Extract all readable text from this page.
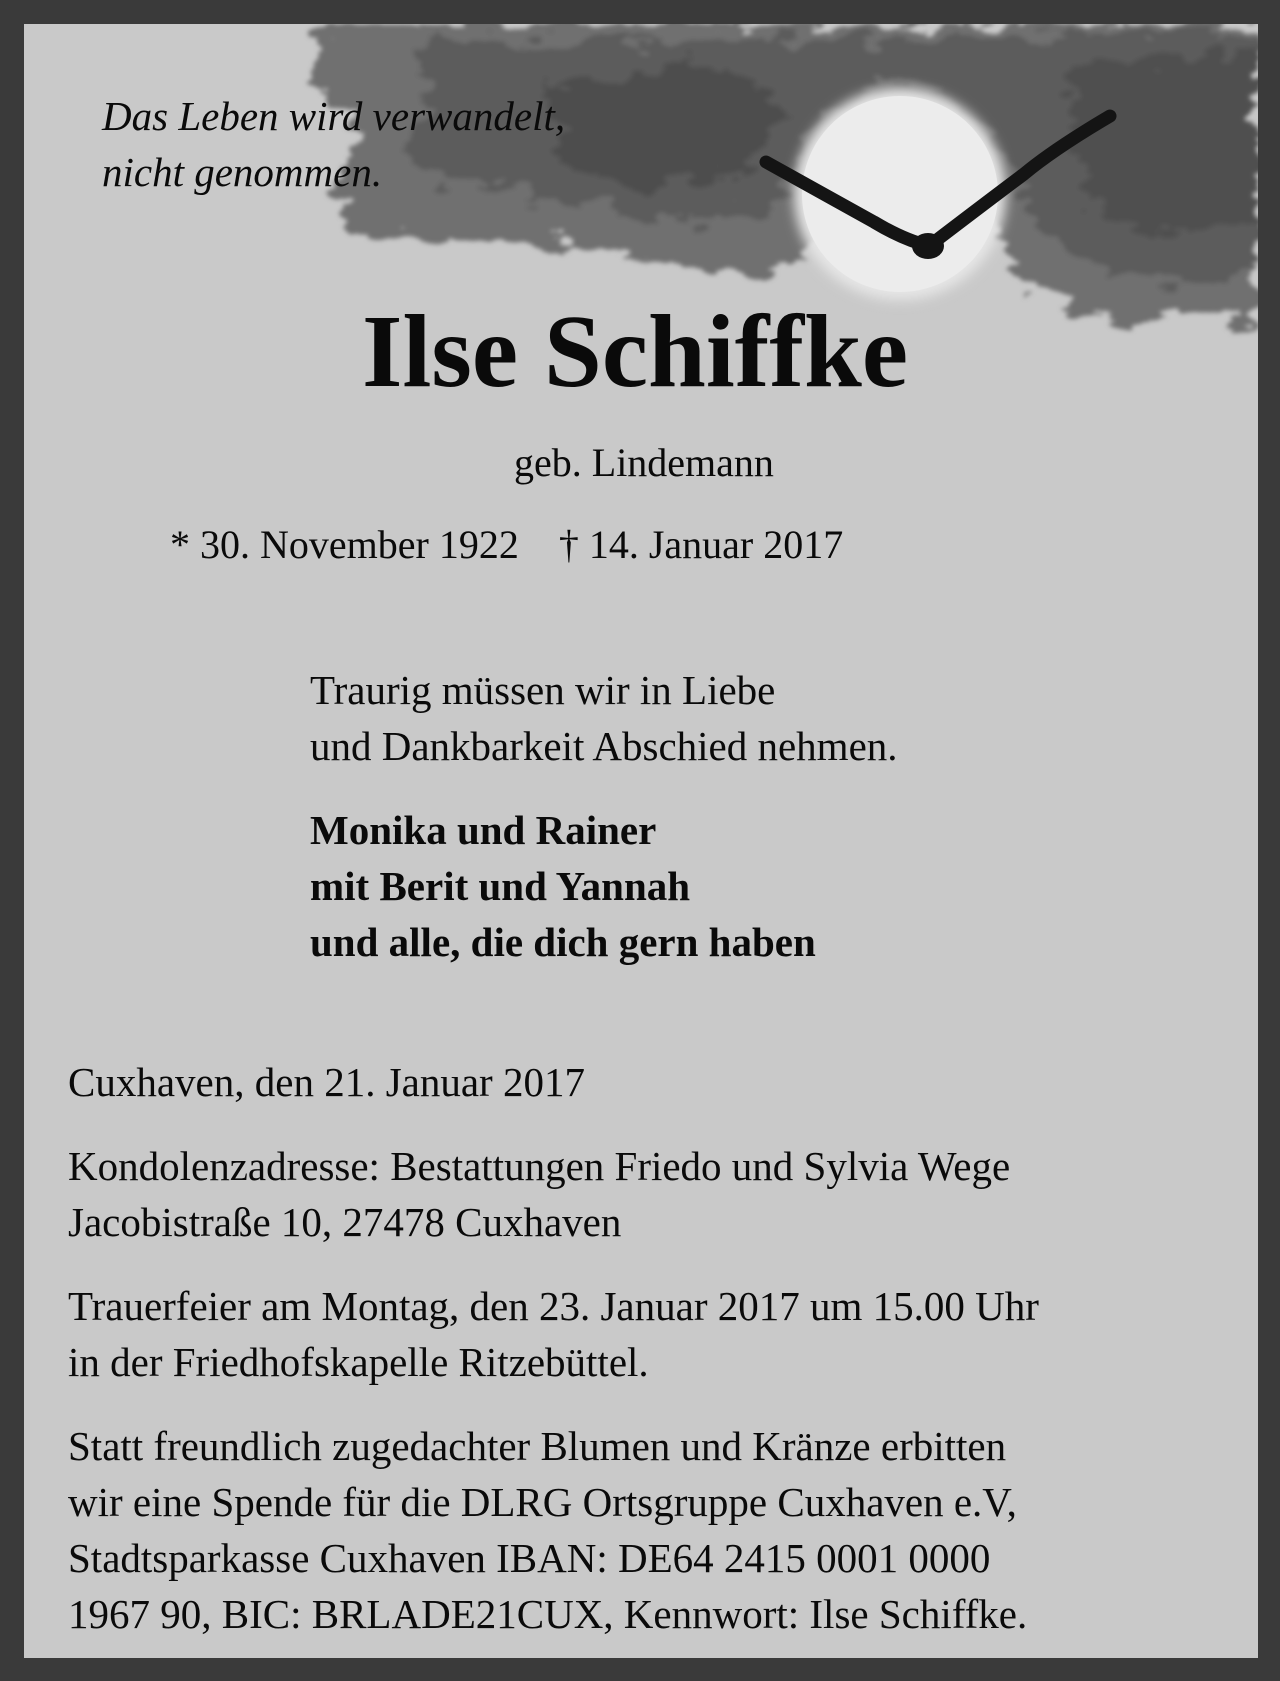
Das Leben wird verwandelt,
nicht genommen.

Ilse Schiffke
geb. Lindemann
* 30. November 1922 † 14. Januar 2017

Traurig müssen wir in Liebe
und Dankbarkeit Abschied nehmen.

Monika und Rainer
mit Berit und Yannah
und alle, die dich gern haben

Cuxhaven, den 21. Januar 2017

Kondolenzadresse: Bestattungen Friedo und Sylvia Wege
Jacobistraße 10, 27478 Cuxhaven

Trauerfeier am Montag, den 23. Januar 2017 um 15.00 Uhr
in der Friedhofskapelle Ritzebüttel.

Statt freundlich zugedachter Blumen und Kränze erbitten
wir eine Spende für die DLRG Ortsgruppe Cuxhaven e.V,
Stadtsparkasse Cuxhaven IBAN: DE64 2415 0001 0000
1967 90, BIC: BRLADE21CUX, Kennwort: Ilse Schiffke.
